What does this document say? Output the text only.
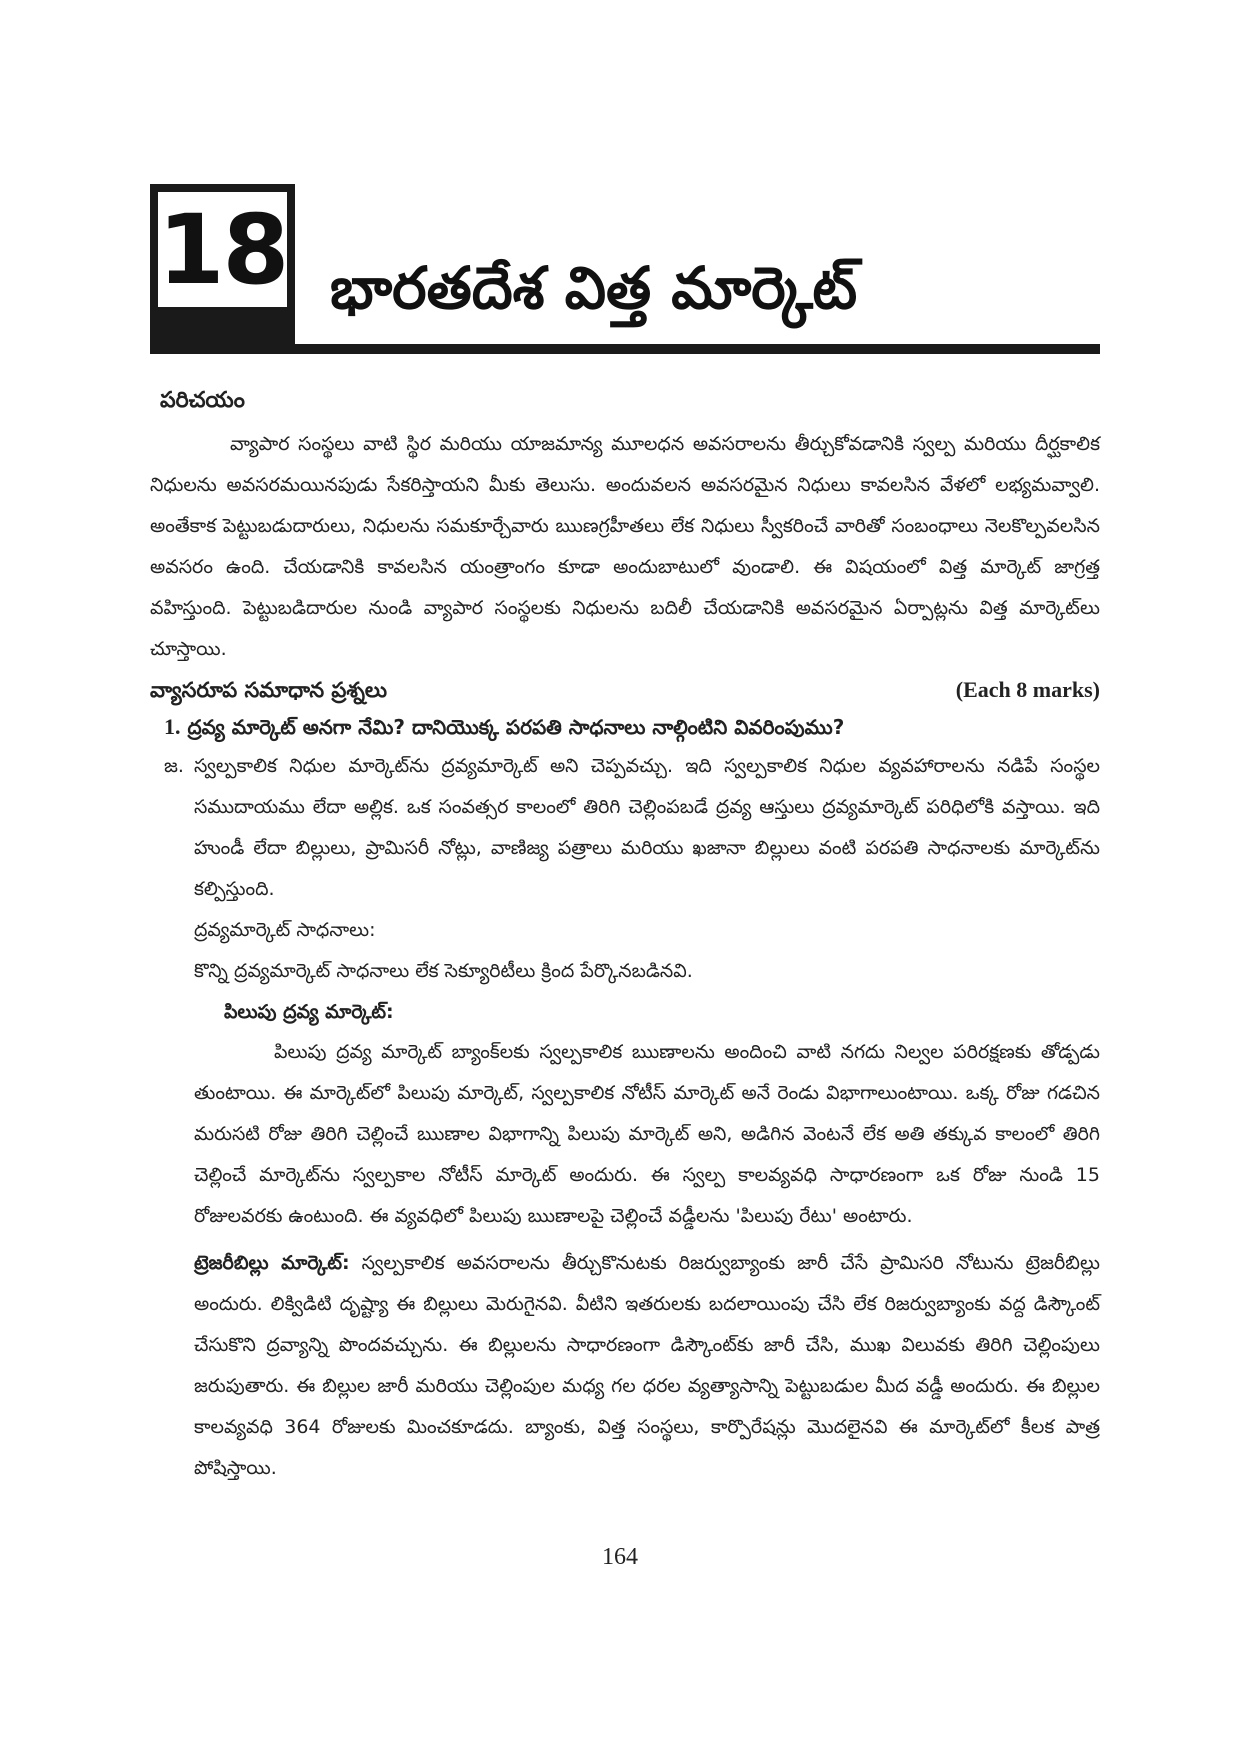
18 భారతదేశ విత్త మార్కెట్
పరిచయం

వ్యాపార సంస్థలు వాటి స్థిర మరియు యాజమాన్య మూలధన అవసరాలను తీర్చుకోవడానికి స్వల్ప మరియు దీర్ఘకాలిక నిధులను అవసరమయినపుడు సేకరిస్తాయని మీకు తెలుసు. అందువలన అవసరమైన నిధులు కావలసిన వేళలో లభ్యమవ్వాలి. అంతేకాక పెట్టుబడుదారులు, నిధులను సమకూర్చేవారు ఋణగ్రహీతలు లేక నిధులు స్వీకరించే వారితో సంబంధాలు నెలకొల్పవలసిన అవసరం ఉంది. చేయడానికి కావలసిన యంత్రాంగం కూడా అందుబాటులో వుండాలి. ఈ విషయంలో విత్త మార్కెట్ జాగ్రత్త వహిస్తుంది. పెట్టుబడిదారుల నుండి వ్యాపార సంస్థలకు నిధులను బదిలీ చేయడానికి అవసరమైన ఏర్పాట్లను విత్త మార్కెట్‌లు చూస్తాయి.

వ్యాసరూప సమాధాన ప్రశ్నలు	(Each 8 marks)
1. ద్రవ్య మార్కెట్ అనగా నేమి? దానియొక్క పరపతి సాధనాలు నాల్గింటిని వివరింపుము?
జ. స్వల్పకాలిక నిధుల మార్కెట్‌ను ద్రవ్యమార్కెట్ అని చెప్పవచ్చు. ఇది స్వల్పకాలిక నిధుల వ్యవహారాలను నడిపే సంస్థల సముదాయము లేదా అల్లిక. ఒక సంవత్సర కాలంలో తిరిగి చెల్లింపబడే ద్రవ్య ఆస్తులు ద్రవ్యమార్కెట్ పరిధిలోకి వస్తాయి. ఇది హుండీ లేదా బిల్లులు, ప్రామిసరీ నోట్లు, వాణిజ్య పత్రాలు మరియు ఖజానా బిల్లులు వంటి పరపతి సాధనాలకు మార్కెట్‌ను కల్పిస్తుంది.

ద్రవ్యమార్కెట్ సాధనాలు:

కొన్ని ద్రవ్యమార్కెట్ సాధనాలు లేక సెక్యూరిటీలు క్రింద పేర్కొనబడినవి.

పిలుపు ద్రవ్య మార్కెట్:

పిలుపు ద్రవ్య మార్కెట్ బ్యాంక్‌లకు స్వల్పకాలిక ఋణాలను అందించి వాటి నగదు నిల్వల పరిరక్షణకు తోడ్పడు తుంటాయి. ఈ మార్కెట్‌లో పిలుపు మార్కెట్, స్వల్పకాలిక నోటీస్ మార్కెట్ అనే రెండు విభాగాలుంటాయి. ఒక్క రోజు గడచిన మరుసటి రోజు తిరిగి చెల్లించే ఋణాల విభాగాన్ని పిలుపు మార్కెట్ అని, అడిగిన వెంటనే లేక అతి తక్కువ కాలంలో తిరిగి చెల్లించే మార్కెట్‌ను స్వల్పకాల నోటీస్ మార్కెట్ అందురు. ఈ స్వల్ప కాలవ్యవధి సాధారణంగా ఒక రోజు నుండి 15 రోజులవరకు ఉంటుంది. ఈ వ్యవధిలో పిలుపు ఋణాలపై చెల్లించే వడ్డీలను 'పిలుపు రేటు' అంటారు.

ట్రెజరీబిల్లు మార్కెట్: స్వల్పకాలిక అవసరాలను తీర్చుకొనుటకు రిజర్వుబ్యాంకు జారీ చేసే ప్రామిసరి నోటును ట్రెజరీబిల్లు అందురు. లిక్విడిటి దృష్ట్యా ఈ బిల్లులు మెరుగైనవి. వీటిని ఇతరులకు బదలాయింపు చేసి లేక రిజర్వుబ్యాంకు వద్ద డిస్కౌంట్ చేసుకొని ద్రవ్యాన్ని పొందవచ్చును. ఈ బిల్లులను సాధారణంగా డిస్కౌంట్‌కు జారీ చేసి, ముఖ విలువకు తిరిగి చెల్లింపులు జరుపుతారు. ఈ బిల్లుల జారీ మరియు చెల్లింపుల మధ్య గల ధరల వ్యత్యాసాన్ని పెట్టుబడుల మీద వడ్డీ అందురు. ఈ బిల్లుల కాలవ్యవధి 364 రోజులకు మించకూడదు. బ్యాంకు, విత్త సంస్థలు, కార్పొరేషన్లు మొదలైనవి ఈ మార్కెట్‌లో కీలక పాత్ర పోషిస్తాయి.

164
